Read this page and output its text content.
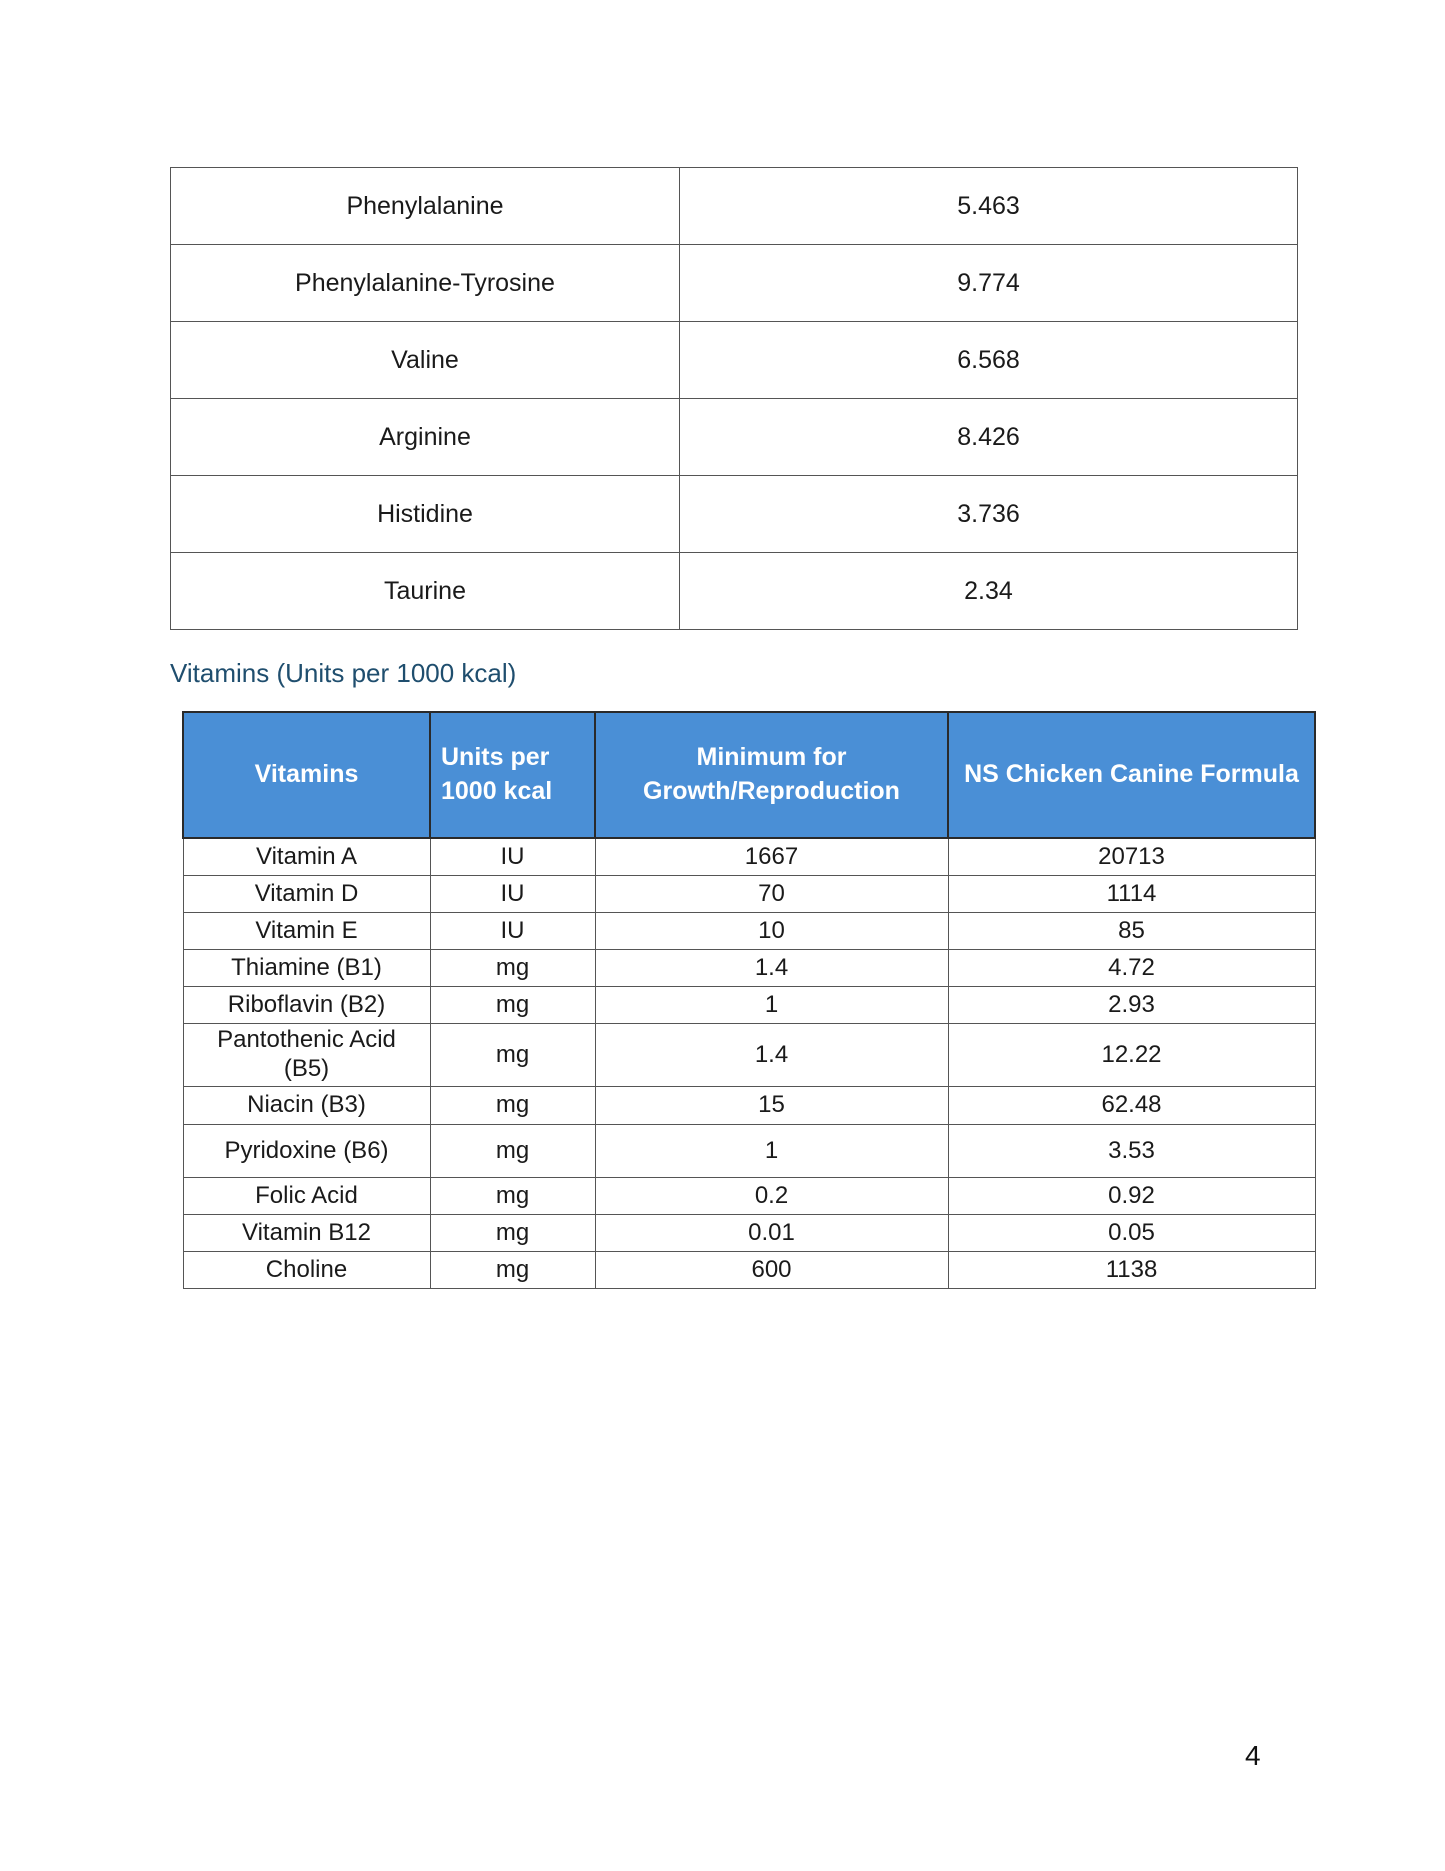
Phenylalanine	5.463
Phenylalanine-Tyrosine	9.774
Valine	6.568
Arginine	8.426
Histidine	3.736
Taurine	2.34
Vitamins (Units per 1000 kcal)
Vitamins	Units per 1000 kcal	Minimum for Growth/Reproduction	NS Chicken Canine Formula
Vitamin A	IU	1667	20713
Vitamin D	IU	70	1114
Vitamin E	IU	10	85
Thiamine (B1)	mg	1.4	4.72
Riboflavin (B2)	mg	1	2.93
Pantothenic Acid (B5)	mg	1.4	12.22
Niacin (B3)	mg	15	62.48
Pyridoxine (B6)	mg	1	3.53
Folic Acid	mg	0.2	0.92
Vitamin B12	mg	0.01	0.05
Choline	mg	600	1138
4
